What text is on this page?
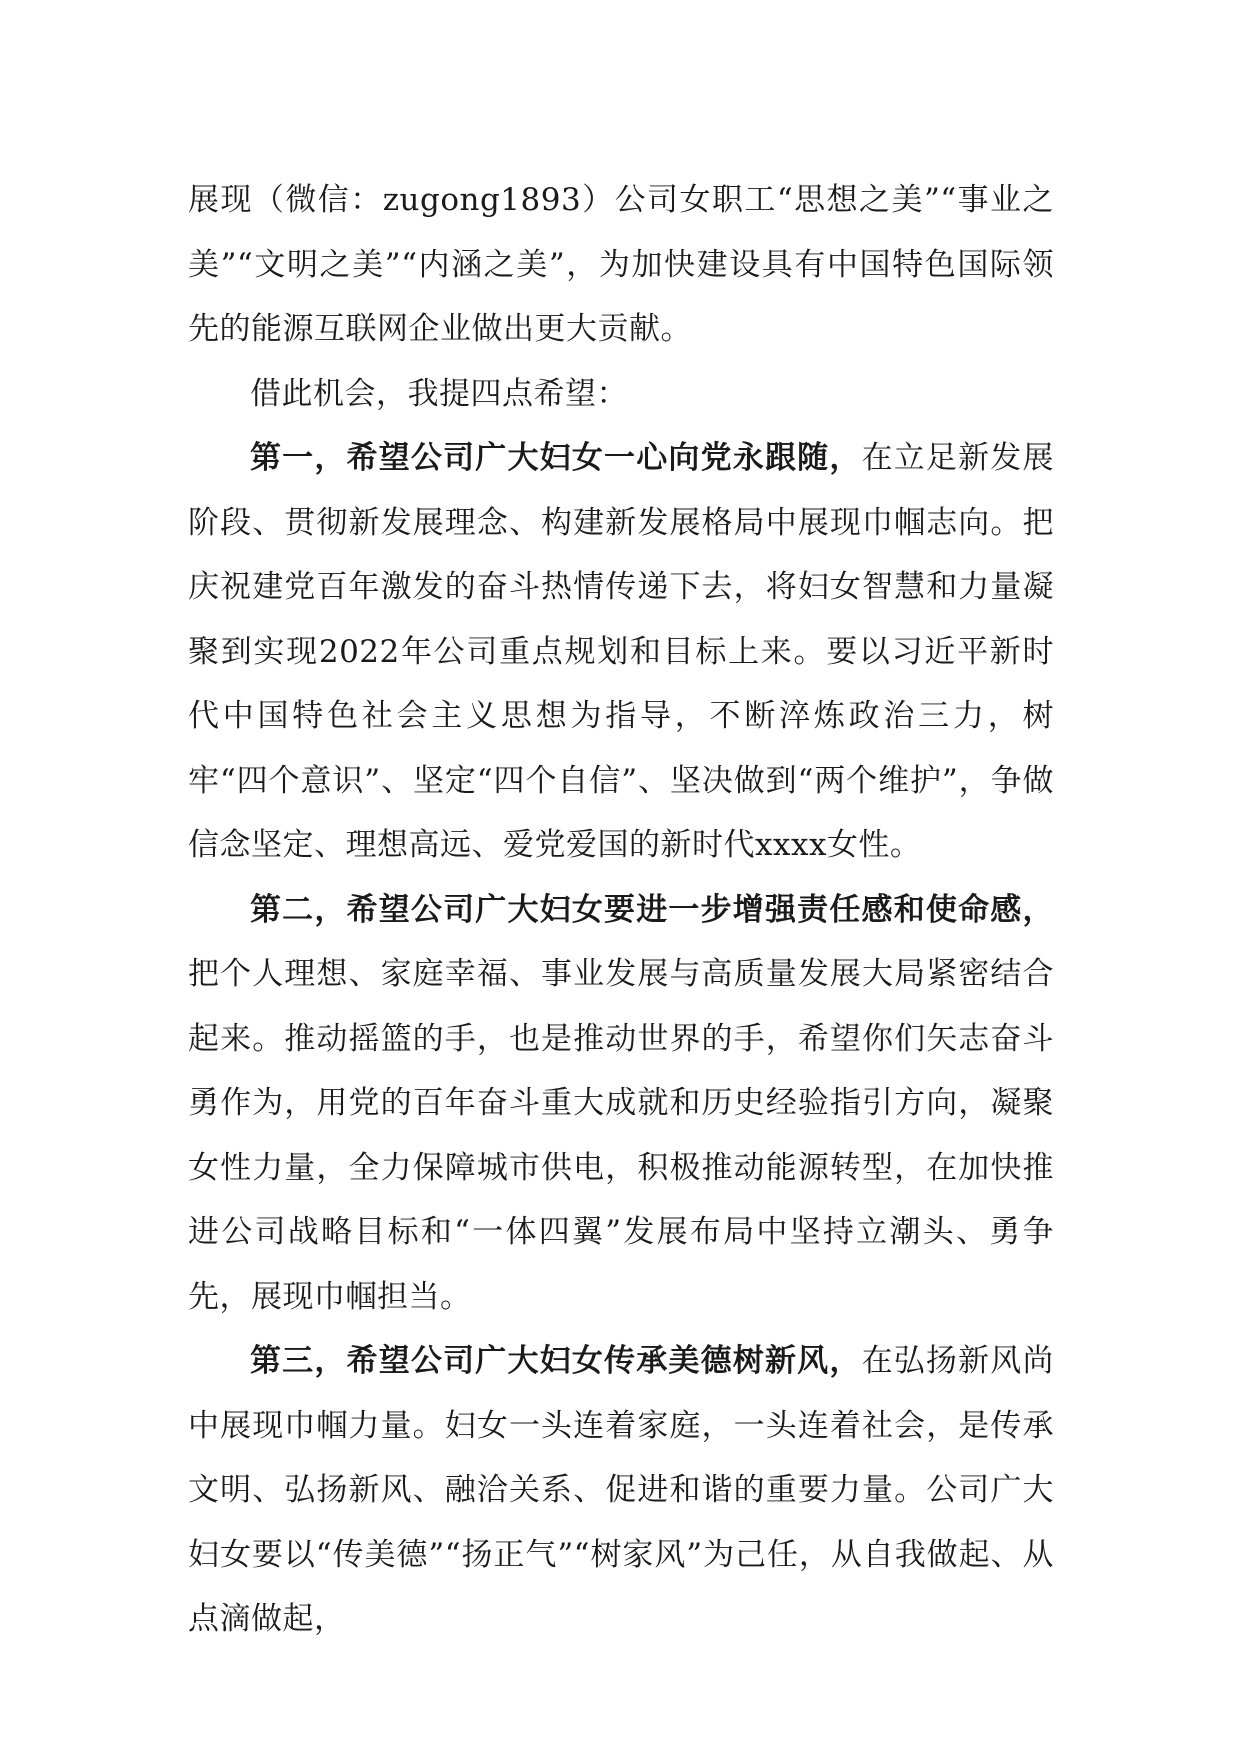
展现（微信：zugong1893）公司女职工“思想之美”“事业之美”“文明之美”“内涵之美”，为加快建设具有中国特色国际领先的能源互联网企业做出更大贡献。

借此机会，我提四点希望：

第一，希望公司广大妇女一心向党永跟随，在立足新发展阶段、贯彻新发展理念、构建新发展格局中展现巾帼志向。把庆祝建党百年激发的奋斗热情传递下去，将妇女智慧和力量凝聚到实现2022年公司重点规划和目标上来。要以习近平新时代中国特色社会主义思想为指导，不断淬炼政治三力，树牢“四个意识”、坚定“四个自信”、坚决做到“两个维护”，争做信念坚定、理想高远、爱党爱国的新时代xxxx女性。

第二，希望公司广大妇女要进一步增强责任感和使命感，把个人理想、家庭幸福、事业发展与高质量发展大局紧密结合起来。推动摇篮的手，也是推动世界的手，希望你们矢志奋斗勇作为，用党的百年奋斗重大成就和历史经验指引方向，凝聚女性力量，全力保障城市供电，积极推动能源转型，在加快推进公司战略目标和“一体四翼”发展布局中坚持立潮头、勇争先，展现巾帼担当。

第三，希望公司广大妇女传承美德树新风，在弘扬新风尚中展现巾帼力量。妇女一头连着家庭，一头连着社会，是传承文明、弘扬新风、融洽关系、促进和谐的重要力量。公司广大妇女要以“传美德”“扬正气”“树家风”为己任，从自我做起、从点滴做起，
